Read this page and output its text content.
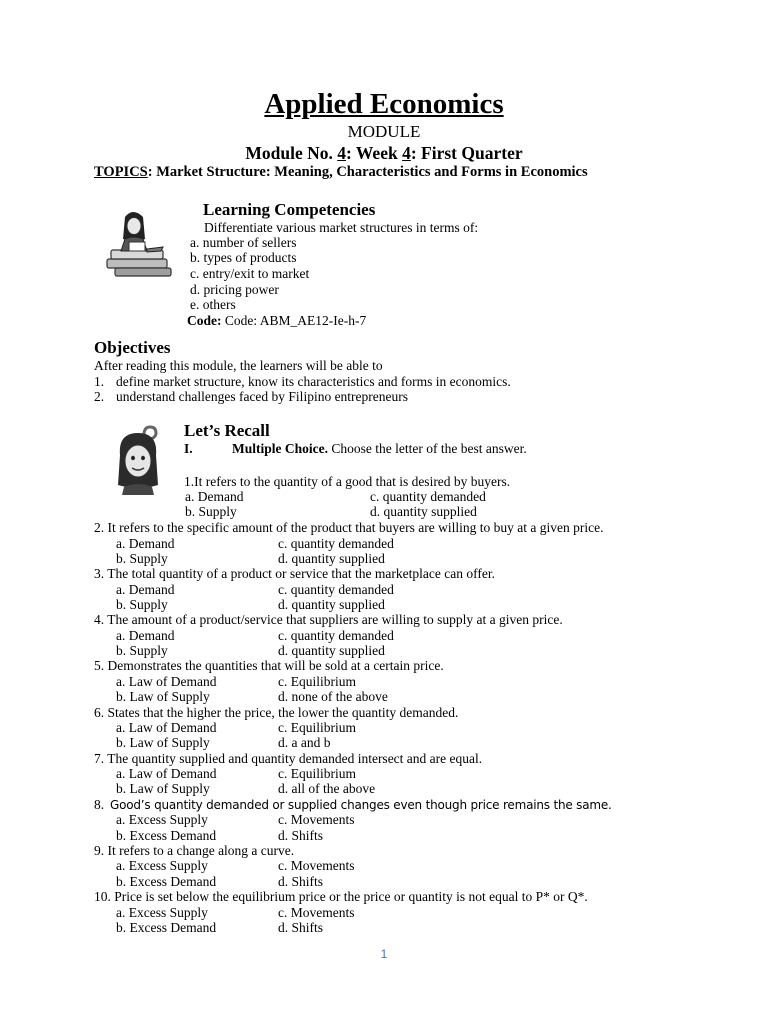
Applied Economics
MODULE
Module No. 4: Week 4: First Quarter
TOPICS: Market Structure: Meaning, Characteristics and Forms in Economics
Learning Competencies
Differentiate various market structures in terms of:
a. number of sellers
b. types of products
c. entry/exit to market
d. pricing power
e. others
Code: Code: ABM_AE12-Ie-h-7
Objectives
After reading this module, the learners will be able to
1. define market structure, know its characteristics and forms in economics.
2. understand challenges faced by Filipino entrepreneurs
Let’s Recall
I.	Multiple Choice. Choose the letter of the best answer.
1.It refers to the quantity of a good that is desired by buyers.
a. Demand	c. quantity demanded
b. Supply	d. quantity supplied
2. It refers to the specific amount of the product that buyers are willing to buy at a given price.
a. Demand	c. quantity demanded
b. Supply	d. quantity supplied
3. The total quantity of a product or service that the marketplace can offer.
a. Demand	c. quantity demanded
b. Supply	d. quantity supplied
4. The amount of a product/service that suppliers are willing to supply at a given price.
a. Demand	c. quantity demanded
b. Supply	d. quantity supplied
5. Demonstrates the quantities that will be sold at a certain price.
a. Law of Demand	c. Equilibrium
b. Law of Supply	d. none of the above
6. States that the higher the price, the lower the quantity demanded.
a. Law of Demand	c. Equilibrium
b. Law of Supply	d. a and b
7. The quantity supplied and quantity demanded intersect and are equal.
a. Law of Demand	c. Equilibrium
b. Law of Supply	d. all of the above
8. Good’s quantity demanded or supplied changes even though price remains the same.
a. Excess Supply	c. Movements
b. Excess Demand	d. Shifts
9. It refers to a change along a curve.
a. Excess Supply	c. Movements
b. Excess Demand	d. Shifts
10. Price is set below the equilibrium price or the price or quantity is not equal to P* or Q*.
a. Excess Supply	c. Movements
b. Excess Demand	d. Shifts
1
